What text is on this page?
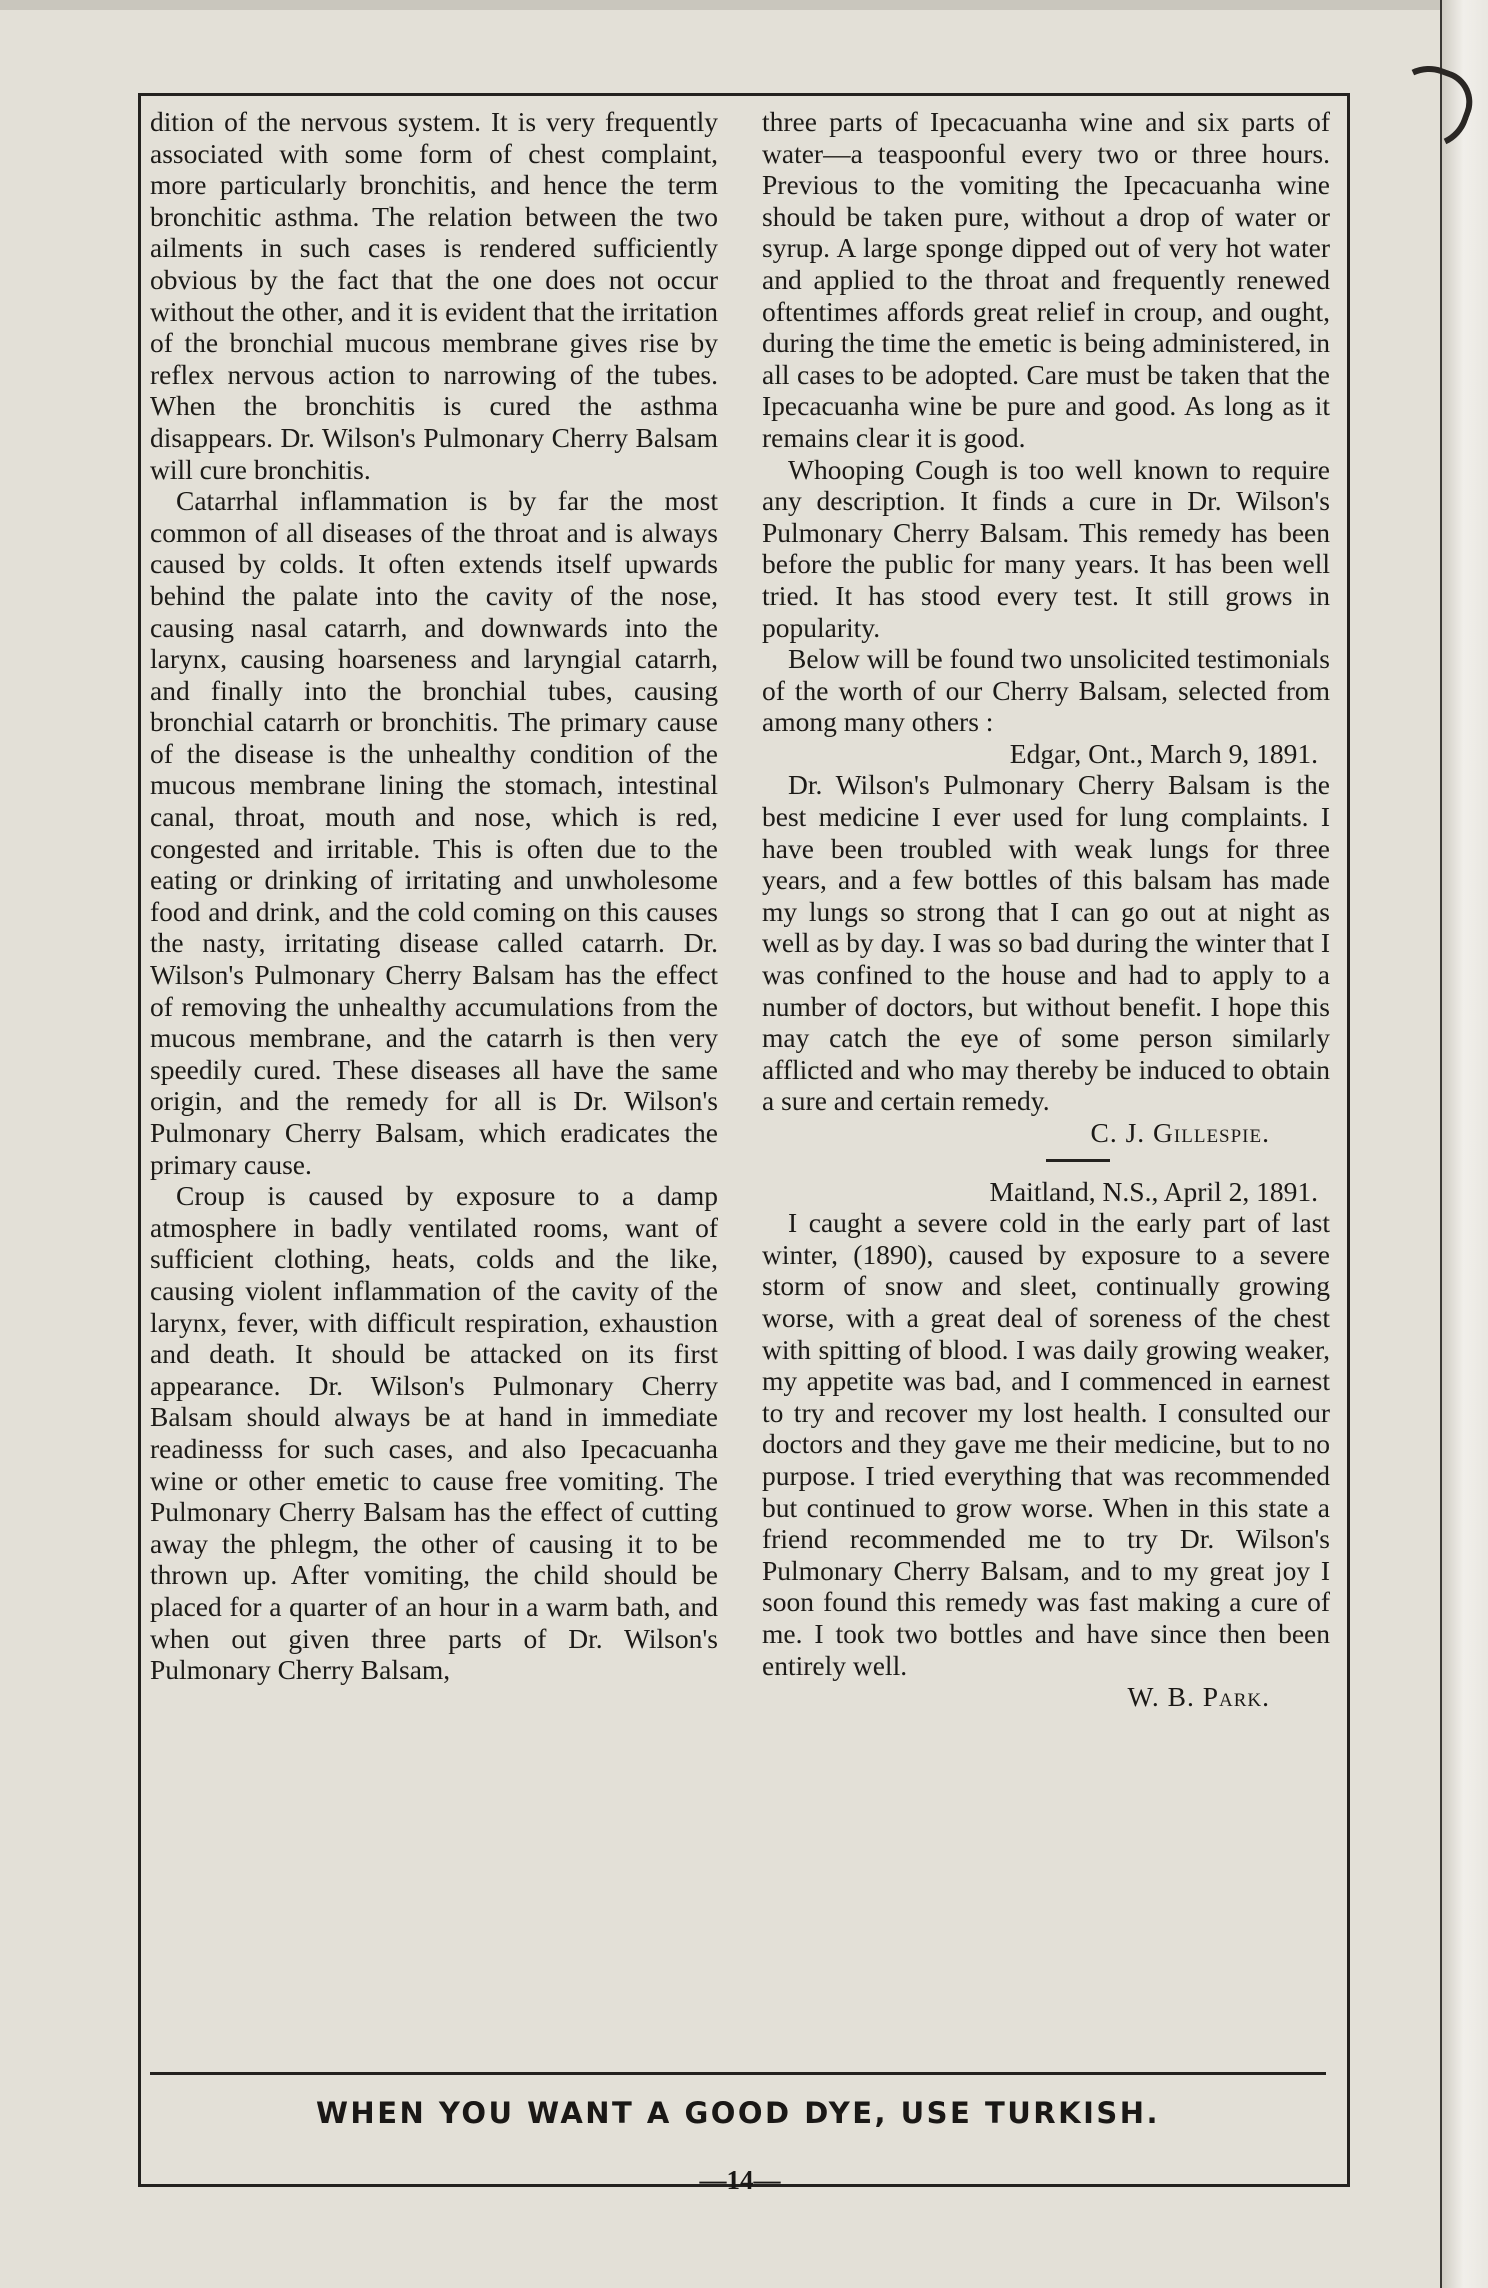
dition of the nervous system. It is very frequently associated with some form of chest complaint, more particularly bronchitis, and hence the term bronchitic asthma. The relation between the two ailments in such cases is rendered sufficiently obvious by the fact that the one does not occur without the other, and it is evident that the irritation of the bronchial mucous membrane gives rise by reflex nervous action to narrowing of the tubes. When the bronchitis is cured the asthma disappears. Dr. Wilson's Pulmonary Cherry Balsam will cure bronchitis.

Catarrhal inflammation is by far the most common of all diseases of the throat and is always caused by colds. It often extends itself upwards behind the palate into the cavity of the nose, causing nasal catarrh, and downwards into the larynx, causing hoarseness and laryngial catarrh, and finally into the bronchial tubes, causing bronchial catarrh or bronchitis. The primary cause of the disease is the unhealthy condition of the mucous membrane lining the stomach, intestinal canal, throat, mouth and nose, which is red, congested and irritable. This is often due to the eating or drinking of irritating and unwholesome food and drink, and the cold coming on this causes the nasty, irritating disease called catarrh. Dr. Wilson's Pulmonary Cherry Balsam has the effect of removing the unhealthy accumulations from the mucous membrane, and the catarrh is then very speedily cured. These diseases all have the same origin, and the remedy for all is Dr. Wilson's Pulmonary Cherry Balsam, which eradicates the primary cause.

Croup is caused by exposure to a damp atmosphere in badly ventilated rooms, want of sufficient clothing, heats, colds and the like, causing violent inflammation of the cavity of the larynx, fever, with difficult respiration, exhaustion and death. It should be attacked on its first appearance. Dr. Wilson's Pulmonary Cherry Balsam should always be at hand in immediate readinesss for such cases, and also Ipecacuanha wine or other emetic to cause free vomiting. The Pulmonary Cherry Balsam has the effect of cutting away the phlegm, the other of causing it to be thrown up. After vomiting, the child should be placed for a quarter of an hour in a warm bath, and when out given three parts of Dr. Wilson's Pulmonary Cherry Balsam,

three parts of Ipecacuanha wine and six parts of water—a teaspoonful every two or three hours. Previous to the vomiting the Ipecacuanha wine should be taken pure, without a drop of water or syrup. A large sponge dipped out of very hot water and applied to the throat and frequently renewed oftentimes affords great relief in croup, and ought, during the time the emetic is being administered, in all cases to be adopted. Care must be taken that the Ipecacuanha wine be pure and good. As long as it remains clear it is good.

Whooping Cough is too well known to require any description. It finds a cure in Dr. Wilson's Pulmonary Cherry Balsam. This remedy has been before the public for many years. It has been well tried. It has stood every test. It still grows in popularity.

Below will be found two unsolicited testimonials of the worth of our Cherry Balsam, selected from among many others :

Edgar, Ont., March 9, 1891.

Dr. Wilson's Pulmonary Cherry Balsam is the best medicine I ever used for lung complaints. I have been troubled with weak lungs for three years, and a few bottles of this balsam has made my lungs so strong that I can go out at night as well as by day. I was so bad during the winter that I was confined to the house and had to apply to a number of doctors, but without benefit. I hope this may catch the eye of some person similarly afflicted and who may thereby be induced to obtain a sure and certain remedy.

C. J. Gillespie.

Maitland, N.S., April 2, 1891.

I caught a severe cold in the early part of last winter, (1890), caused by exposure to a severe storm of snow and sleet, continually growing worse, with a great deal of soreness of the chest with spitting of blood. I was daily growing weaker, my appetite was bad, and I commenced in earnest to try and recover my lost health. I consulted our doctors and they gave me their medicine, but to no purpose. I tried everything that was recommended but continued to grow worse. When in this state a friend recommended me to try Dr. Wilson's Pulmonary Cherry Balsam, and to my great joy I soon found this remedy was fast making a cure of me. I took two bottles and have since then been entirely well.

W. B. Park.

WHEN YOU WANT A GOOD DYE, USE TURKISH.
—14—
